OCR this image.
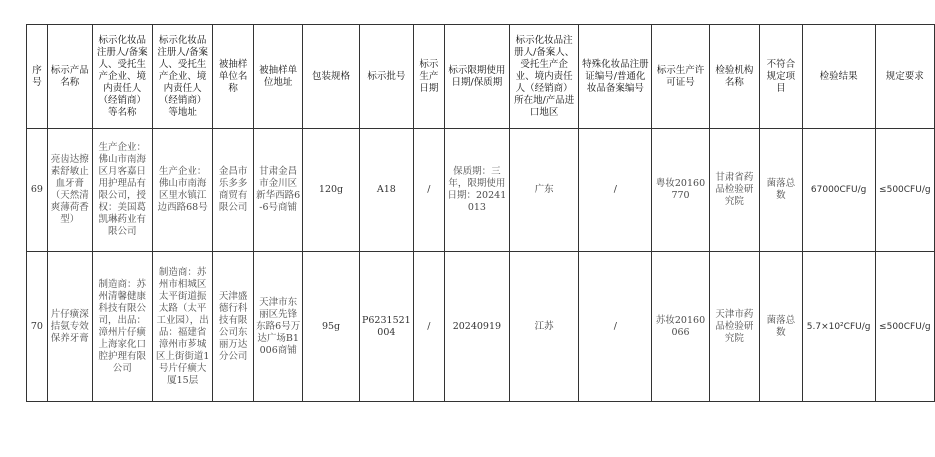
序号	标示产品名称	标示化妆品注册人/备案人、受托生产企业、境内责任人（经销商）等名称	标示化妆品注册人/备案人、受托生产企业、境内责任人（经销商）等地址	被抽样单位名称	被抽样单位地址	包装规格	标示批号	标示生产日期	标示限期使用日期/保质期	标示化妆品注册人/备案人、受托生产企业、境内责任人（经销商）所在地/产品进口地区	特殊化妆品注册证编号/普通化妆品备案编号	标示生产许可证号	检验机构名称	不符合规定项目	检验结果	规定要求
69	亮齿达擦素舒敏止血牙膏（天然清爽薄荷香型）	生产企业：佛山市南海区月客嘉日用护理品有限公司，授权：美国葛凯琳药业有限公司	生产企业：佛山市南海区里水镇江边西路68号	金昌市乐多多商贸有限公司	甘肃金昌市金川区新华西路6-6号商铺	120g	A18	/	保质期：三年，限期使用日期：20241013	广东	/	粤妆20160770	甘肃省药品检验研究院	菌落总数	67000CFU/g	≤500CFU/g
70	片仔癀深拮氨专效保养牙膏	制造商：苏州清馨健康科技有限公司，出品：漳州片仔癀上海家化口腔护理有限公司	制造商：苏州市相城区太平街道振太路（太平工业园），出品：福建省漳州市芗城区上街街道1号片仔癀大厦15层	天津盛德行科技有限公司东丽万达分公司	天津市东丽区先锋东路6号万达广场B1006商铺	95g	P6231521004	/	20240919	江苏	/	苏妆20160066	天津市药品检验研究院	菌落总数	5.7×10²CFU/g	≤500CFU/g
